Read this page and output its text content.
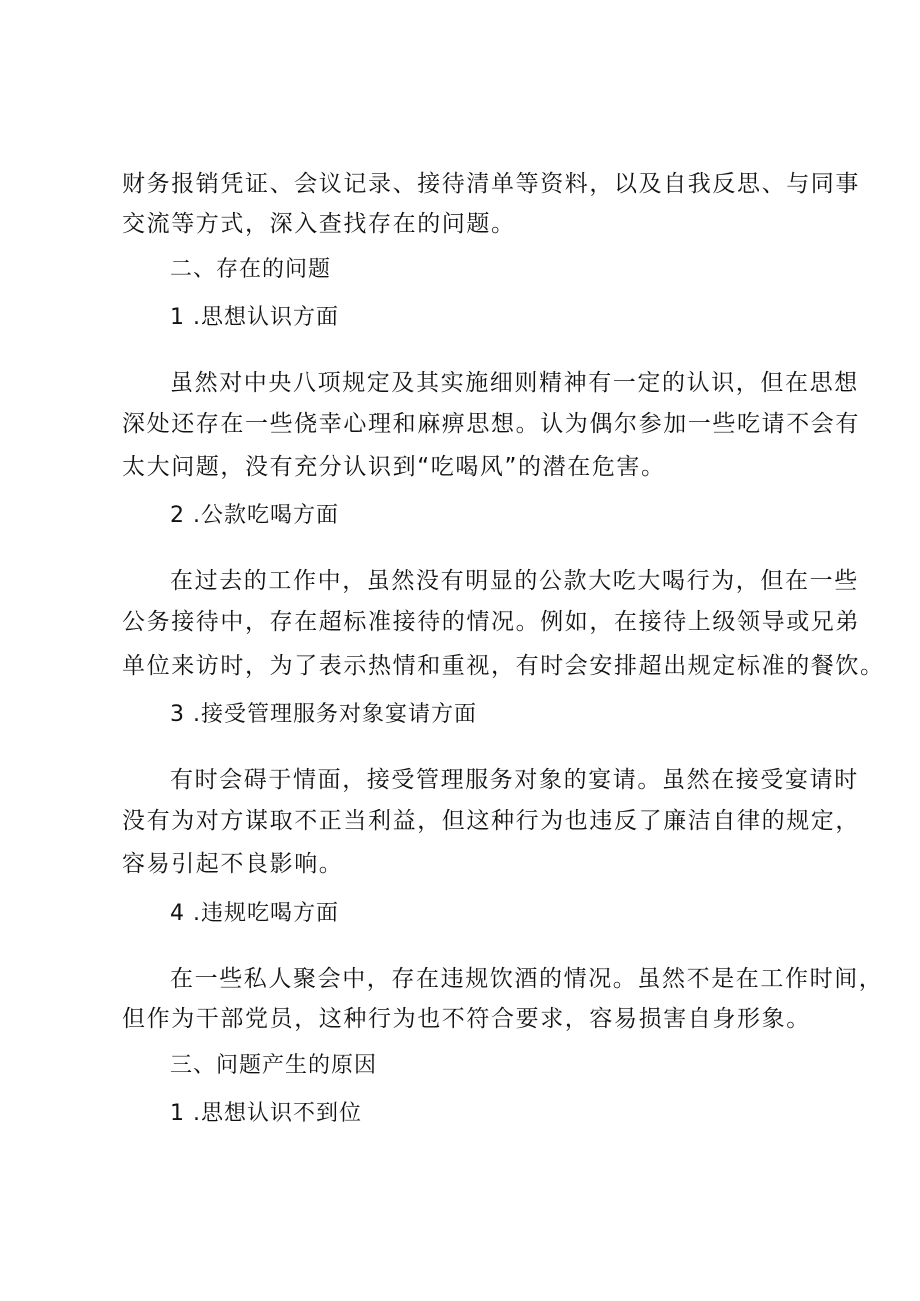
财务报销凭证、会议记录、接待清单等资料，以及自我反思、与同事
交流等方式，深入查找存在的问题。
二、存在的问题
1 .思想认识方面
虽然对中央八项规定及其实施细则精神有一定的认识，但在思想
深处还存在一些侥幸心理和麻痹思想。认为偶尔参加一些吃请不会有
太大问题，没有充分认识到“吃喝风”的潜在危害。
2 .公款吃喝方面
在过去的工作中，虽然没有明显的公款大吃大喝行为，但在一些
公务接待中，存在超标准接待的情况。例如，在接待上级领导或兄弟
单位来访时，为了表示热情和重视，有时会安排超出规定标准的餐饮。
3 .接受管理服务对象宴请方面
有时会碍于情面，接受管理服务对象的宴请。虽然在接受宴请时
没有为对方谋取不正当利益，但这种行为也违反了廉洁自律的规定，
容易引起不良影响。
4 .违规吃喝方面
在一些私人聚会中，存在违规饮酒的情况。虽然不是在工作时间，
但作为干部党员，这种行为也不符合要求，容易损害自身形象。
三、问题产生的原因
1 .思想认识不到位
